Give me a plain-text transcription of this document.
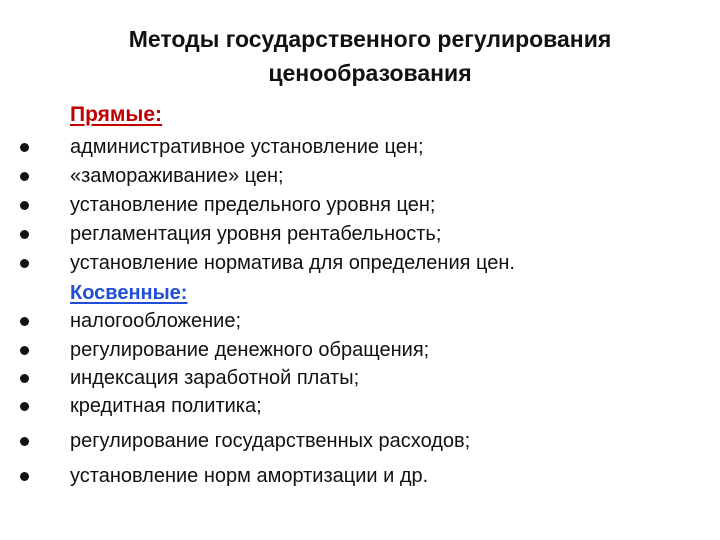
Методы государственного регулирования
ценообразования
Прямые:
административное установление цен;
«замораживание» цен;
установление предельного уровня цен;
регламентация уровня рентабельность;
установление норматива для определения цен.
Косвенные:
налогообложение;
регулирование денежного обращения;
индексация заработной платы;
кредитная политика;
регулирование государственных расходов;
установление норм амортизации и др.
